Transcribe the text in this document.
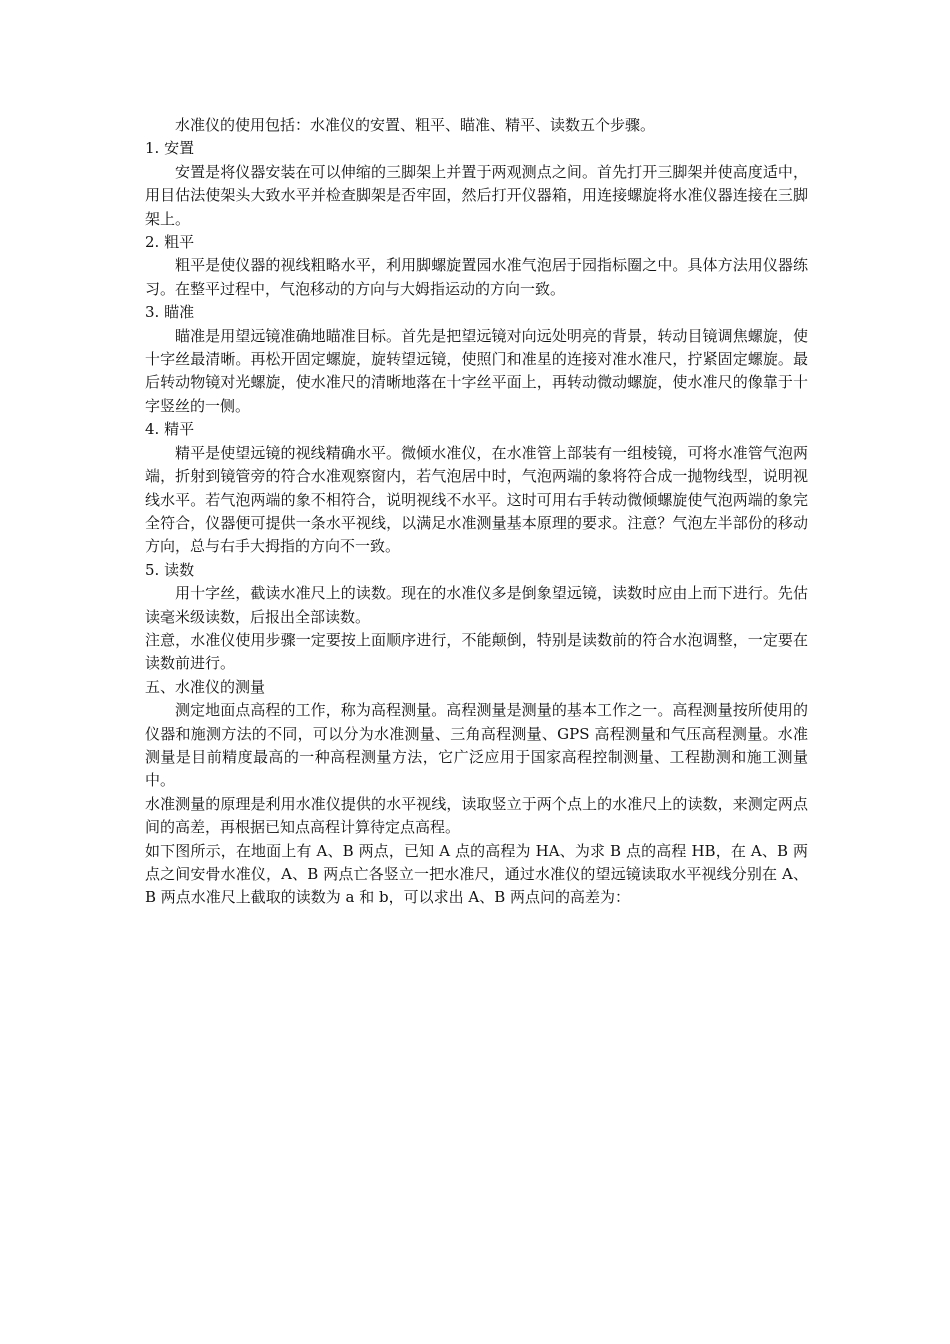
水准仪的使用包括：水准仪的安置、粗平、瞄准、精平、读数五个步骤。

1. 安置

安置是将仪器安装在可以伸缩的三脚架上并置于两观测点之间。首先打开三脚架并使高度适中，用目估法使架头大致水平并检查脚架是否牢固，然后打开仪器箱，用连接螺旋将水准仪器连接在三脚架上。

2. 粗平

粗平是使仪器的视线粗略水平，利用脚螺旋置园水准气泡居于园指标圈之中。具体方法用仪器练习。在整平过程中，气泡移动的方向与大姆指运动的方向一致。

3. 瞄准

瞄准是用望远镜准确地瞄准目标。首先是把望远镜对向远处明亮的背景，转动目镜调焦螺旋，使十字丝最清晰。再松开固定螺旋，旋转望远镜，使照门和准星的连接对准水准尺，拧紧固定螺旋。最后转动物镜对光螺旋，使水准尺的清晰地落在十字丝平面上，再转动微动螺旋，使水准尺的像靠于十字竖丝的一侧。

4. 精平

精平是使望远镜的视线精确水平。微倾水准仪，在水准管上部装有一组棱镜，可将水准管气泡两端，折射到镜管旁的符合水准观察窗内，若气泡居中时，气泡两端的象将符合成一抛物线型，说明视线水平。若气泡两端的象不相符合，说明视线不水平。这时可用右手转动微倾螺旋使气泡两端的象完全符合，仪器便可提供一条水平视线，以满足水准测量基本原理的要求。注意？气泡左半部份的移动方向，总与右手大拇指的方向不一致。

5. 读数

用十字丝，截读水准尺上的读数。现在的水准仪多是倒象望远镜，读数时应由上而下进行。先估读毫米级读数，后报出全部读数。

注意，水准仪使用步骤一定要按上面顺序进行，不能颠倒，特别是读数前的符合水泡调整，一定要在读数前进行。

五、水准仪的测量

测定地面点高程的工作，称为高程测量。高程测量是测量的基本工作之一。高程测量按所使用的仪器和施测方法的不同，可以分为水准测量、三角高程测量、GPS 高程测量和气压高程测量。水准测量是目前精度最高的一种高程测量方法，它广泛应用于国家高程控制测量、工程勘测和施工测量中。

水准测量的原理是利用水准仪提供的水平视线，读取竖立于两个点上的水准尺上的读数，来测定两点间的高差，再根据已知点高程计算待定点高程。

如下图所示，在地面上有 A、B 两点，已知 A 点的高程为 HA、为求 B 点的高程 HB，在 A、B 两点之间安骨水准仪，A、B 两点亡各竖立一把水准尺，通过水准仪的望远镜读取水平视线分别在 A、B 两点水准尺上截取的读数为 a 和 b，可以求出 A、B 两点问的高差为：
